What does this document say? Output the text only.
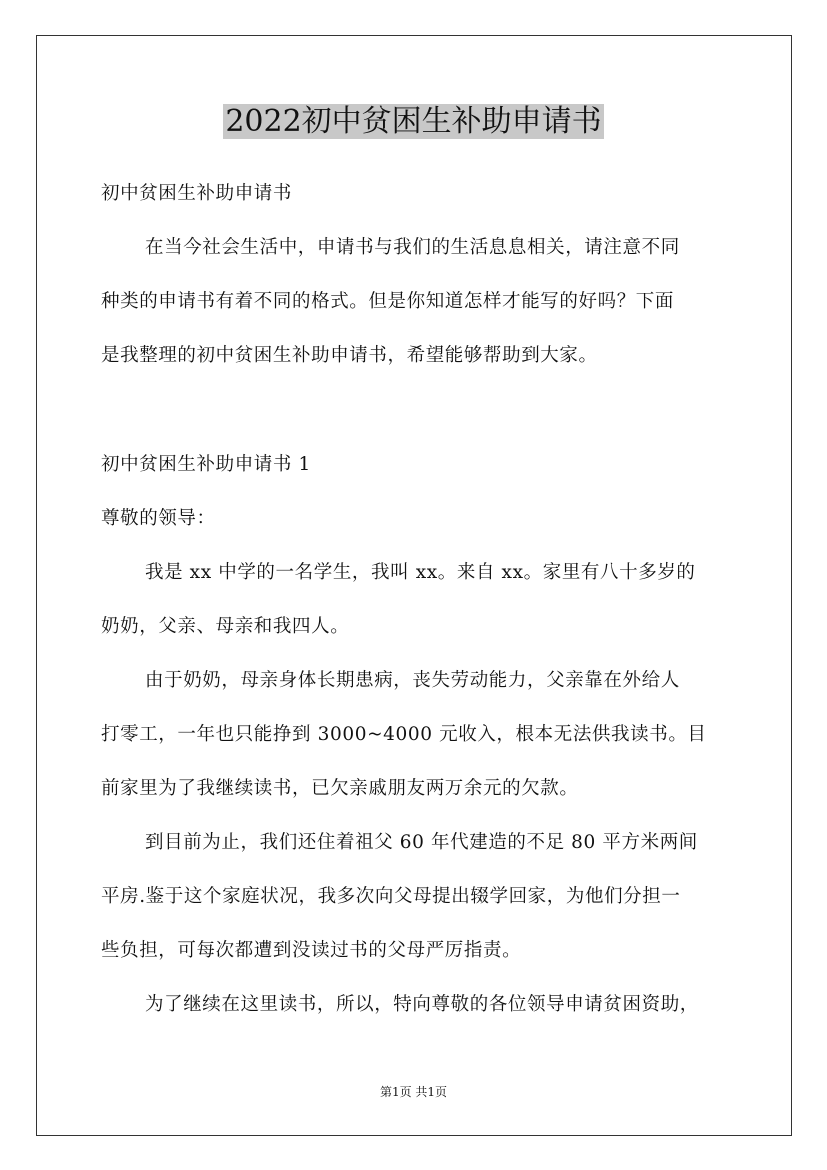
2022初中贫困生补助申请书
初中贫困生补助申请书
在当今社会生活中，申请书与我们的生活息息相关，请注意不同
种类的申请书有着不同的格式。但是你知道怎样才能写的好吗？下面
是我整理的初中贫困生补助申请书，希望能够帮助到大家。
初中贫困生补助申请书 1
尊敬的领导：
我是 xx 中学的一名学生，我叫 xx。来自 xx。家里有八十多岁的
奶奶，父亲、母亲和我四人。
由于奶奶，母亲身体长期患病，丧失劳动能力，父亲靠在外给人
打零工，一年也只能挣到 3000~4000 元收入，根本无法供我读书。目
前家里为了我继续读书，已欠亲戚朋友两万余元的欠款。
到目前为止，我们还住着祖父 60 年代建造的不足 80 平方米两间
平房.鉴于这个家庭状况，我多次向父母提出辍学回家，为他们分担一
些负担，可每次都遭到没读过书的父母严厉指责。
为了继续在这里读书，所以，特向尊敬的各位领导申请贫困资助，
第1页 共1页
